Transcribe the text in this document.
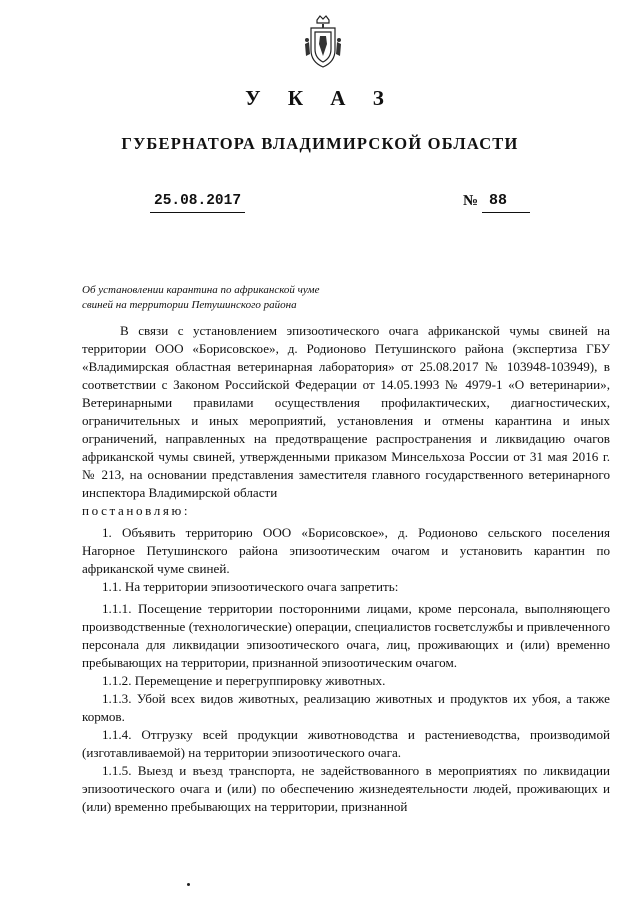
У К А З
ГУБЕРНАТОРА ВЛАДИМИРСКОЙ ОБЛАСТИ
25.08.2017	№ 88
Об установлении карантина по африканской чуме
свиней на территории Петушинского района

В связи с установлением эпизоотического очага африканской чумы свиней на территории ООО «Борисовское», д. Родионово Петушинского района (экспертиза ГБУ «Владимирская областная ветеринарная лаборатория» от 25.08.2017 № 103948-103949), в соответствии с Законом Российской Федерации от 14.05.1993 № 4979-1 «О ветеринарии», Ветеринарными правилами осуществления профилактических, диагностических, ограничительных и иных мероприятий, установления и отмены карантина и иных ограничений, направленных на предотвращение распространения и ликвидацию очагов африканской чумы свиней, утвержденными приказом Минсельхоза России от 31 мая 2016 г. № 213, на основании представления заместителя главного государственного ветеринарного инспектора Владимирской области

постановляю:

1. Объявить территорию ООО «Борисовское», д. Родионово сельского поселения Нагорное Петушинского района эпизоотическим очагом и установить карантин по африканской чуме свиней.

1.1. На территории эпизоотического очага запретить:

1.1.1. Посещение территории посторонними лицами, кроме персонала, выполняющего производственные (технологические) операции, специалистов госветслужбы и привлеченного персонала для ликвидации эпизоотического очага, лиц, проживающих и (или) временно пребывающих на территории, признанной эпизоотическим очагом.

1.1.2. Перемещение и перегруппировку животных.

1.1.3. Убой всех видов животных, реализацию животных и продуктов их убоя, а также кормов.

1.1.4. Отгрузку всей продукции животноводства и растениеводства, производимой (изготавливаемой) на территории эпизоотического очага.

1.1.5. Выезд и въезд транспорта, не задействованного в мероприятиях по ликвидации эпизоотического очага и (или) по обеспечению жизнедеятельности людей, проживающих и (или) временно пребывающих на территории, признанной
